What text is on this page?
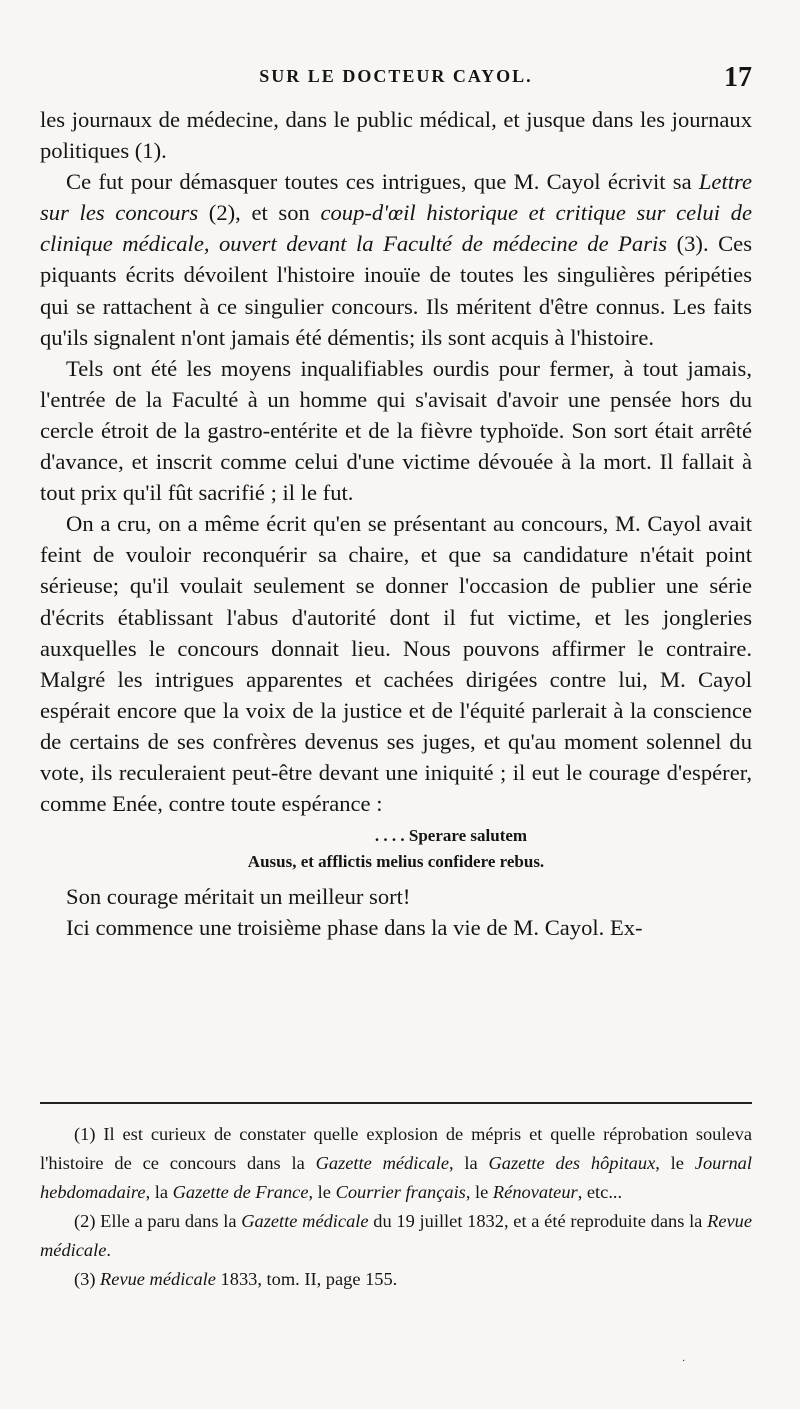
SUR LE DOCTEUR CAYOL.	17

les journaux de médecine, dans le public médical, et jusque dans les journaux politiques (1).

Ce fut pour démasquer toutes ces intrigues, que M. Cayol écrivit sa Lettre sur les concours (2), et son coup-d'œil historique et critique sur celui de clinique médicale, ouvert devant la Faculté de médecine de Paris (3). Ces piquants écrits dévoilent l'histoire inouïe de toutes les singulières péripéties qui se rattachent à ce singulier concours. Ils méritent d'être connus. Les faits qu'ils signalent n'ont jamais été démentis; ils sont acquis à l'histoire.

Tels ont été les moyens inqualifiables ourdis pour fermer, à tout jamais, l'entrée de la Faculté à un homme qui s'avisait d'avoir une pensée hors du cercle étroit de la gastro-entérite et de la fièvre typhoïde. Son sort était arrêté d'avance, et inscrit comme celui d'une victime dévouée à la mort. Il fallait à tout prix qu'il fût sacrifié ; il le fut.

On a cru, on a même écrit qu'en se présentant au concours, M. Cayol avait feint de vouloir reconquérir sa chaire, et que sa candidature n'était point sérieuse; qu'il voulait seulement se donner l'occasion de publier une série d'écrits établissant l'abus d'autorité dont il fut victime, et les jongleries auxquelles le concours donnait lieu. Nous pouvons affirmer le contraire. Malgré les intrigues apparentes et cachées dirigées contre lui, M. Cayol espérait encore que la voix de la justice et de l'équité parlerait à la conscience de certains de ses confrères devenus ses juges, et qu'au moment solennel du vote, ils reculeraient peut-être devant une iniquité ; il eut le courage d'espérer, comme Enée, contre toute espérance :

. . . . Sperare salutem
Ausus, et afflictis melius confidere rebus.

Son courage méritait un meilleur sort!

Ici commence une troisième phase dans la vie de M. Cayol. Ex-

(1) Il est curieux de constater quelle explosion de mépris et quelle réprobation souleva l'histoire de ce concours dans la Gazette médicale, la Gazette des hôpitaux, le Journal hebdomadaire, la Gazette de France, le Courrier français, le Rénovateur, etc...

(2) Elle a paru dans la Gazette médicale du 19 juillet 1832, et a été reproduite dans la Revue médicale.

(3) Revue médicale 1833, tom. II, page 155.

·
